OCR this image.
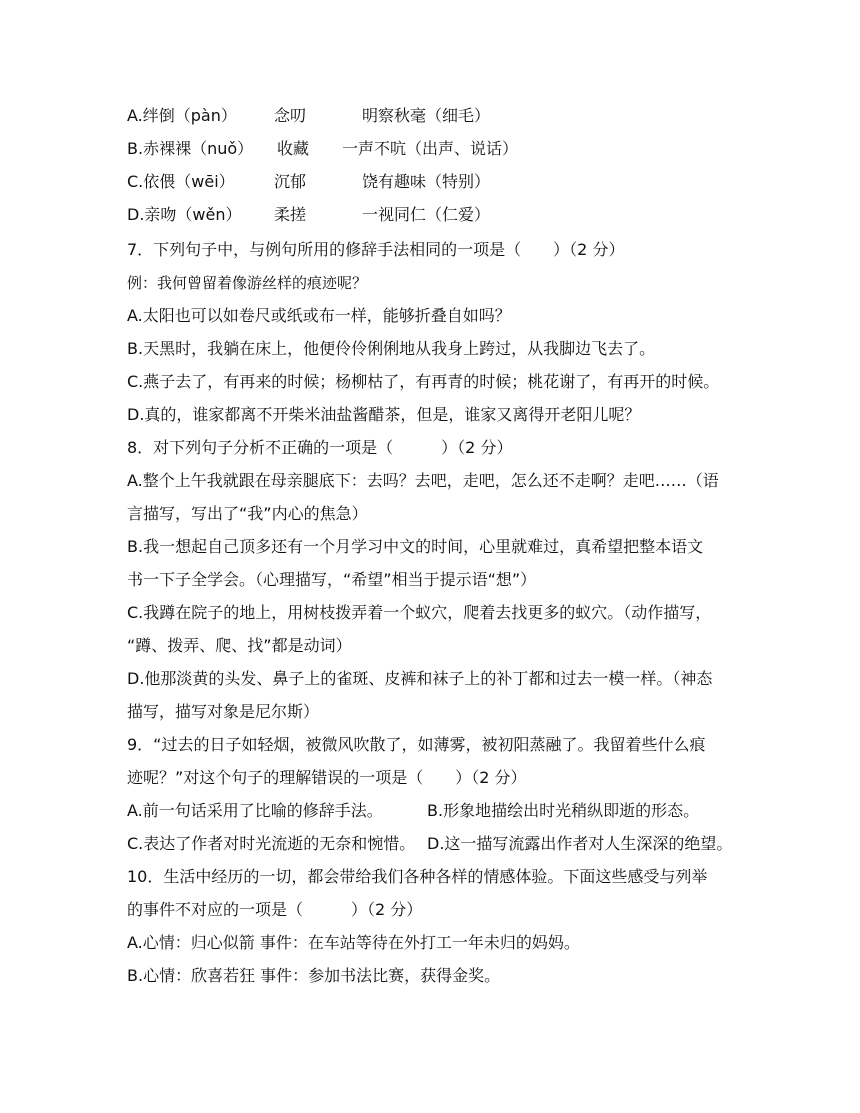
A.绊倒（pàn） 念叨	明察秋毫（细毛）
B.赤裸裸（nuǒ） 收藏 一声不吭（出声、说话）
C.依偎（wēi） 沉郁	饶有趣味（特别）
D.亲吻（wěn） 柔搓	一视同仁（仁爱）
7．下列句子中，与例句所用的修辞手法相同的一项是（　　）（2 分）
例：我何曾留着像游丝样的痕迹呢？
A.太阳也可以如卷尺或纸或布一样，能够折叠自如吗？
B.天黑时，我躺在床上，他便伶伶俐俐地从我身上跨过，从我脚边飞去了。
C.燕子去了，有再来的时候；杨柳枯了，有再青的时候；桃花谢了，有再开的时候。
D.真的，谁家都离不开柴米油盐酱醋茶，但是，谁家又离得开老阳儿呢？
8．对下列句子分析不正确的一项是（　　　）（2 分）
A.整个上午我就跟在母亲腿底下：去吗？去吧，走吧，怎么还不走啊？走吧……（语
言描写，写出了“我”内心的焦急）
B.我一想起自己顶多还有一个月学习中文的时间，心里就难过，真希望把整本语文
书一下子全学会。（心理描写，“希望”相当于提示语“想”）
C.我蹲在院子的地上，用树枝拨弄着一个蚁穴，爬着去找更多的蚁穴。（动作描写，
“蹲、拨弄、爬、找”都是动词）
D.他那淡黄的头发、鼻子上的雀斑、皮裤和袜子上的补丁都和过去一模一样。（神态
描写，描写对象是尼尔斯）
9．“过去的日子如轻烟，被微风吹散了，如薄雾，被初阳蒸融了。我留着些什么痕
迹呢？”对这个句子的理解错误的一项是（　　）（2 分）
A.前一句话采用了比喻的修辞手法。	B.形象地描绘出时光稍纵即逝的形态。
C.表达了作者对时光流逝的无奈和惋惜。 D.这一描写流露出作者对人生深深的绝望。
10．生活中经历的一切，都会带给我们各种各样的情感体验。下面这些感受与列举
的事件不对应的一项是（　　　）（2 分）
A.心情：归心似箭 事件：在车站等待在外打工一年未归的妈妈。
B.心情：欣喜若狂 事件：参加书法比赛，获得金奖。
